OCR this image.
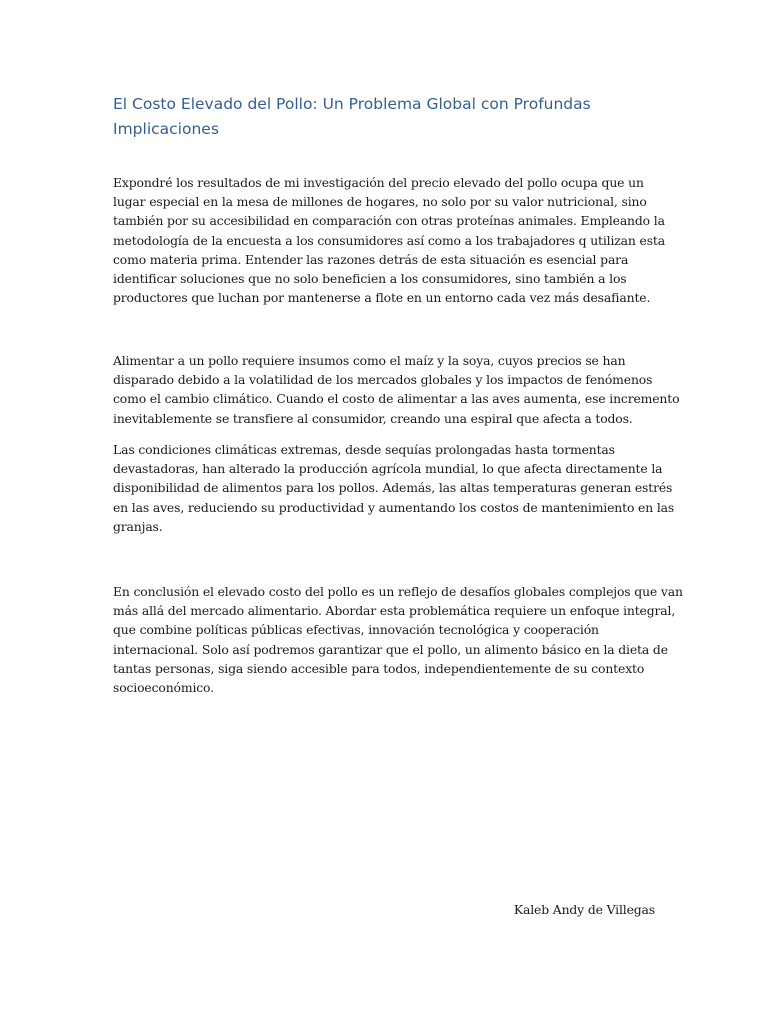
El Costo Elevado del Pollo: Un Problema Global con Profundas
Implicaciones

Expondré los resultados de mi investigación del precio elevado del pollo ocupa que un
lugar especial en la mesa de millones de hogares, no solo por su valor nutricional, sino
también por su accesibilidad en comparación con otras proteínas animales. Empleando la
metodología de la encuesta a los consumidores así como a los trabajadores q utilizan esta
como materia prima. Entender las razones detrás de esta situación es esencial para
identificar soluciones que no solo beneficien a los consumidores, sino también a los
productores que luchan por mantenerse a flote en un entorno cada vez más desafiante.

Alimentar a un pollo requiere insumos como el maíz y la soya, cuyos precios se han
disparado debido a la volatilidad de los mercados globales y los impactos de fenómenos
como el cambio climático. Cuando el costo de alimentar a las aves aumenta, ese incremento
inevitablemente se transfiere al consumidor, creando una espiral que afecta a todos.

Las condiciones climáticas extremas, desde sequías prolongadas hasta tormentas
devastadoras, han alterado la producción agrícola mundial, lo que afecta directamente la
disponibilidad de alimentos para los pollos. Además, las altas temperaturas generan estrés
en las aves, reduciendo su productividad y aumentando los costos de mantenimiento en las
granjas.

En conclusión el elevado costo del pollo es un reflejo de desafíos globales complejos que van
más allá del mercado alimentario. Abordar esta problemática requiere un enfoque integral,
que combine políticas públicas efectivas, innovación tecnológica y cooperación
internacional. Solo así podremos garantizar que el pollo, un alimento básico en la dieta de
tantas personas, siga siendo accesible para todos, independientemente de su contexto
socioeconómico.

Kaleb Andy de Villegas
